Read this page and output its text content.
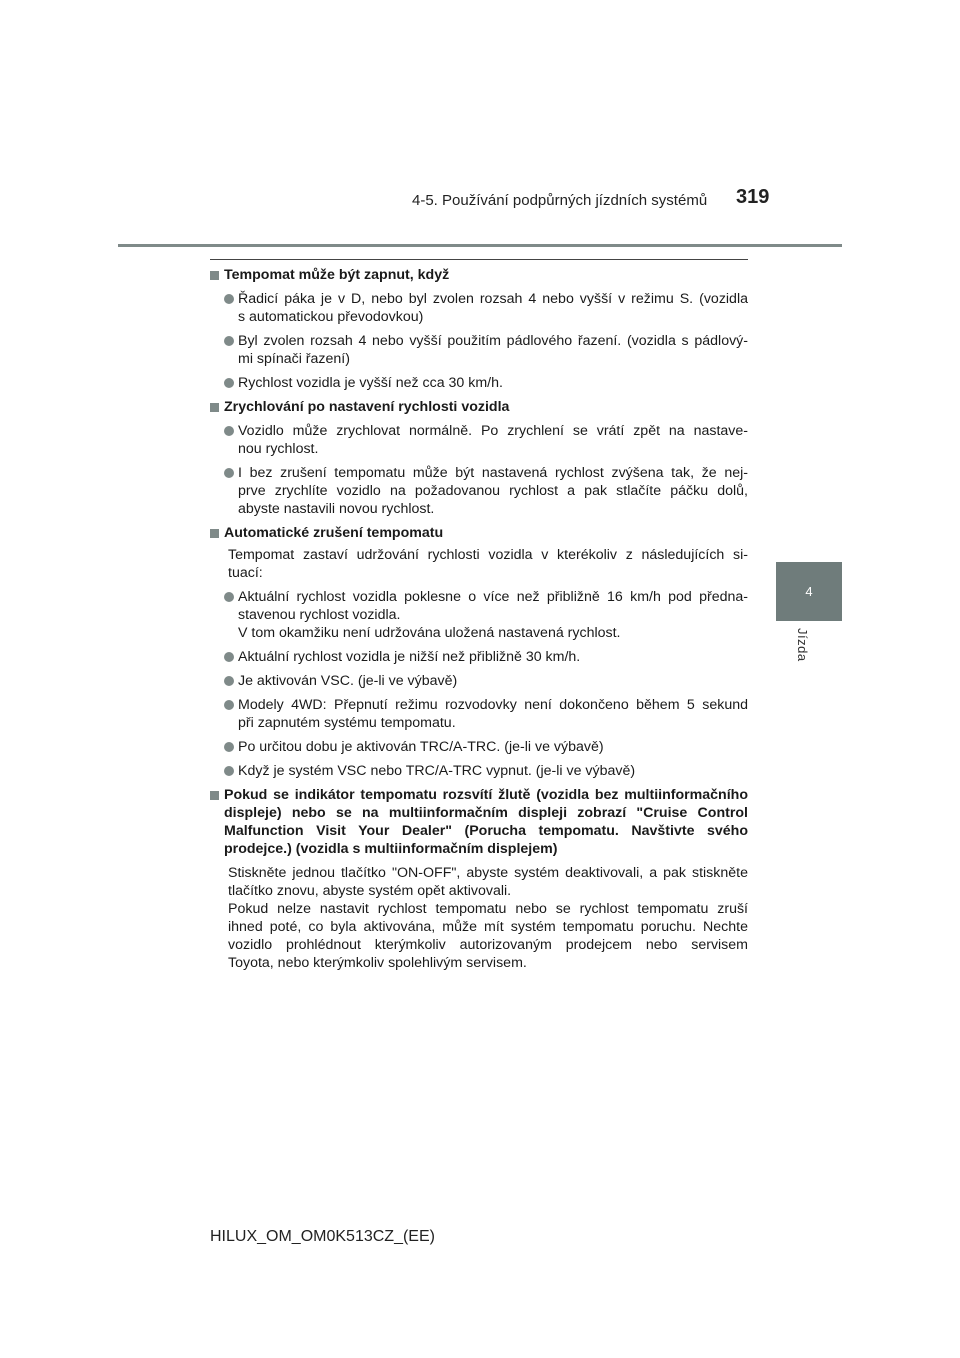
4-5. Používání podpůrných jízdních systémů 319
4
Jízda
Tempomat může být zapnut, když
Řadicí páka je v D, nebo byl zvolen rozsah 4 nebo vyšší v režimu S. (vozidla
s automatickou převodovkou)
Byl zvolen rozsah 4 nebo vyšší použitím pádlového řazení. (vozidla s pádlový-
mi spínači řazení)
Rychlost vozidla je vyšší než cca 30 km/h.
Zrychlování po nastavení rychlosti vozidla
Vozidlo může zrychlovat normálně. Po zrychlení se vrátí zpět na nastave-
nou rychlost.
I bez zrušení tempomatu může být nastavená rychlost zvýšena tak, že nej-
prve zrychlíte vozidlo na požadovanou rychlost a pak stlačíte páčku dolů,
abyste nastavili novou rychlost.
Automatické zrušení tempomatu
Tempomat zastaví udržování rychlosti vozidla v kterékoliv z následujících si-
tuací:
Aktuální rychlost vozidla poklesne o více než přibližně 16 km/h pod předna-
stavenou rychlost vozidla.
V tom okamžiku není udržována uložená nastavená rychlost.
Aktuální rychlost vozidla je nižší než přibližně 30 km/h.
Je aktivován VSC. (je-li ve výbavě)
Modely 4WD: Přepnutí režimu rozvodovky není dokončeno během 5 sekund
při zapnutém systému tempomatu.
Po určitou dobu je aktivován TRC/A-TRC. (je-li ve výbavě)
Když je systém VSC nebo TRC/A-TRC vypnut. (je-li ve výbavě)
Pokud se indikátor tempomatu rozsvítí žlutě (vozidla bez multiinformačního
displeje) nebo se na multiinformačním displeji zobrazí "Cruise Control
Malfunction Visit Your Dealer" (Porucha tempomatu. Navštivte svého
prodejce.) (vozidla s multiinformačním displejem)
Stiskněte jednou tlačítko "ON-OFF", abyste systém deaktivovali, a pak stiskněte
tlačítko znovu, abyste systém opět aktivovali.
Pokud nelze nastavit rychlost tempomatu nebo se rychlost tempomatu zruší
ihned poté, co byla aktivována, může mít systém tempomatu poruchu. Nechte
vozidlo prohlédnout kterýmkoliv autorizovaným prodejcem nebo servisem
Toyota, nebo kterýmkoliv spolehlivým servisem.
HILUX_OM_OM0K513CZ_(EE)
